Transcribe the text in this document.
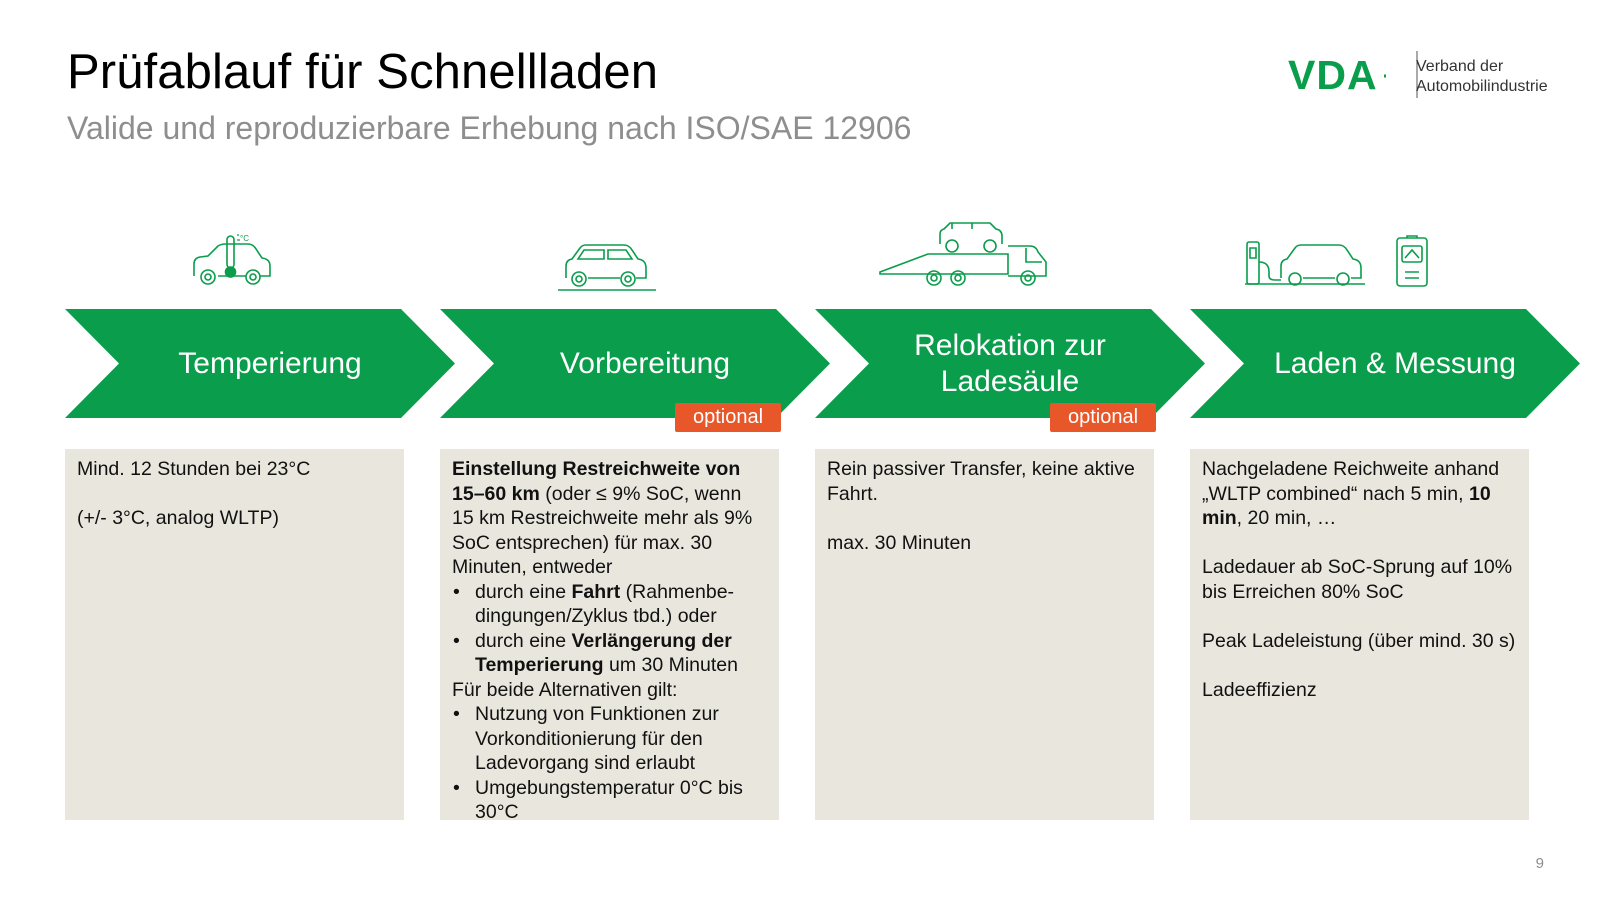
Prüfablauf für Schnellladen
Valide und reproduzierbare Erhebung nach ISO/SAE 12906
VDA Verband der
Automobilindustrie
°C
Temperierung	Vorbereitung
Relokation zur Ladesäule
Laden & Messung
optional	optional

Mind. 12 Stunden bei 23°C

(+/- 3°C, analog WLTP)

Einstellung Restreichweite von 15–60 km (oder ≤ 9% SoC, wenn 15 km Restreichweite mehr als 9% SoC entsprechen) für max. 30 Minuten, entweder

• durch eine Fahrt (Rahmenbe-dingungen/Zyklus tbd.) oder
• durch eine Verlängerung der Temperierung um 30 Minuten

Für beide Alternativen gilt:

• Nutzung von Funktionen zur Vorkonditionierung für den Ladevorgang sind erlaubt
• Umgebungstemperatur 0°C bis 30°C

Rein passiver Transfer, keine aktive Fahrt.

max. 30 Minuten

Nachgeladene Reichweite anhand „WLTP combined“ nach 5 min, 10 min, 20 min, …

Ladedauer ab SoC-Sprung auf 10% bis Erreichen 80% SoC

Peak Ladeleistung (über mind. 30 s)

Ladeeffizienz

9
